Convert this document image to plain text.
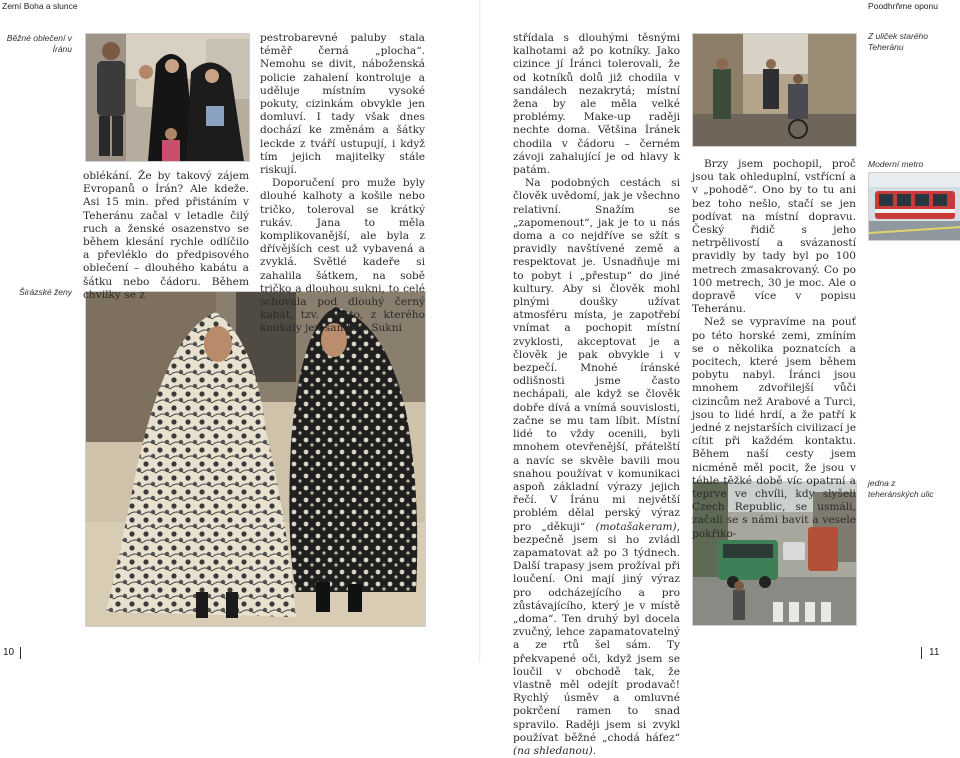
Zemí Boha a slunce	Poodhrňme oponu
Běžné oblečení v Íránu
Širázské ženy
Z uliček starého Teheránu
Moderní metro
jedna z teheránských ulic

oblékání. Že by takový zájem Evropanů o Írán? Ale kdeže. Asi 15 min. před přistáním v Teheránu začal v letadle čilý ruch a ženské osazenstvo se během klesání rychle odlíčilo a převléklo do předpisového oblečení – dlouhého kabátu a šátku nebo čádoru. Během chvilky se z

pestrobarevné paluby stala téměř černá „plocha“. Nemohu se divit, náboženská policie zahalení kontroluje a uděluje místním vysoké pokuty, cizinkám obvykle jen domluví. I tady však dnes dochází ke změnám a šátky leckde z tváří ustupují, i když tím jejich majitelky stále riskují.

Doporučení pro muže byly dlouhé kalhoty a košile nebo tričko, toleroval se krátký rukáv. Jana to měla komplikovanější, ale byla z dřívějších cest už vybavená a zvyklá. Světlé kadeře si zahalila šátkem, na sobě tričko a dlouhou sukni, to celé schovala pod dlouhý černý kabát, tzv. manto, z kterého koukaly jen sandály. Sukni

střídala s dlouhými těsnými kalhotami až po kotníky. Jako cizince jí Íránci tolerovali, že od kotníků dolů již chodila v sandálech nezakrytá; místní žena by ale měla velké problémy. Make-up raději nechte doma. Většina Íránek chodila v čádoru – černém závoji zahalující je od hlavy k patám.

Na podobných cestách si člověk uvědomí, jak je všechno relativní. Snažím se „zapomenout“, jak je to u nás doma a co nejdříve se sžít s pravidly navštívené země a respektovat je. Usnadňuje mi to pobyt i „přestup“ do jiné kultury. Aby si člověk mohl plnými doušky užívat atmosféru místa, je zapotřebí vnímat a pochopit místní zvyklosti, akceptovat je a člověk je pak obvykle i v bezpečí. Mnohé íránské odlišnosti jsme často nechápali, ale když se člověk dobře dívá a vnímá souvislosti, začne se mu tam líbit. Místní lidé to vždy ocenili, byli mnohem otevřenější, přátelští a navíc se skvěle bavili mou snahou používat v komunikaci aspoň základní výrazy jejich řečí. V Íránu mi největší problém dělal perský výraz pro „děkuji“ (motašakeram), bezpečně jsem si ho zvládl zapamatovat až po 3 týdnech. Další trapasy jsem prožíval při loučení. Oni mají jiný výraz pro odcházejícího a pro zůstávajícího, který je v místě „doma“. Ten druhý byl docela zvučný, lehce zapamatovatelný a ze rtů šel sám. Ty překvapené oči, když jsem se loučil v obchodě tak, že vlastně měl odejít prodavač! Rychlý úsměv a omluvné pokrčení ramen to snad spravilo. Raději jsem si zvykl používat běžné „chodá háfez“ (na shledanou).

Brzy jsem pochopil, proč jsou tak ohleduplní, vstřícní a v „pohodě“. Ono by to tu ani bez toho nešlo, stačí se jen podívat na místní dopravu. Český řidič s jeho netrpělivostí a svázaností pravidly by tady byl po 100 metrech zmasakrovaný. Co po 100 metrech, 30 je moc. Ale o dopravě více v popisu Teheránu.

Než se vypravíme na pouť po této horské zemi, zmíním se o několika poznatcích a pocitech, které jsem během pobytu nabyl. Íránci jsou mnohem zdvořilejší vůči cizincům než Arabové a Turci, jsou to lidé hrdí, a že patří k jedné z nejstarších civilizací je cítit při každém kontaktu. Během naší cesty jsem nicméně měl pocit, že jsou v téhle těžké době víc opatrní a teprve ve chvíli, kdy slyšeli Czech Republic, se usmáli, začali se s námi bavit a vesele pokřiko-

10	11
